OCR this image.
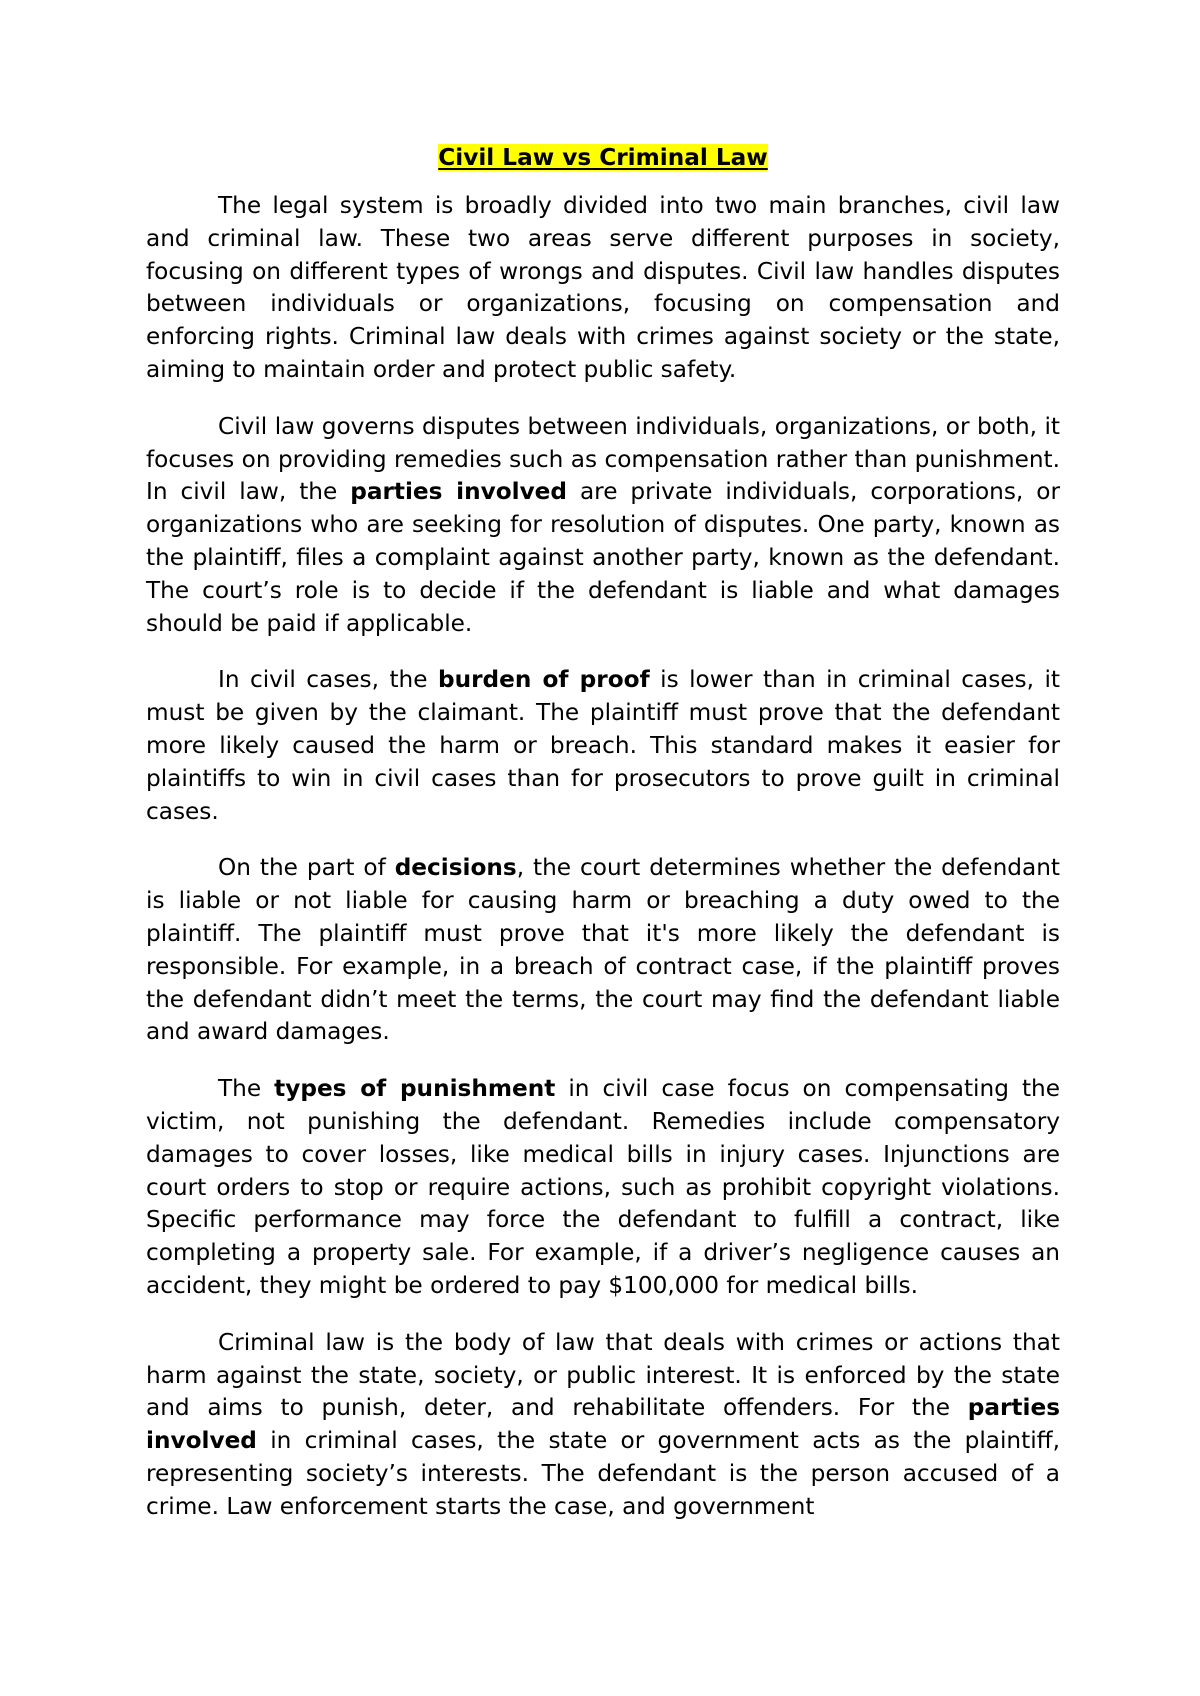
Civil Law vs Criminal Law

The legal system is broadly divided into two main branches, civil law and criminal law. These two areas serve different purposes in society, focusing on different types of wrongs and disputes. Civil law handles disputes between individuals or organizations, focusing on compensation and enforcing rights. Criminal law deals with crimes against society or the state, aiming to maintain order and protect public safety.

Civil law governs disputes between individuals, organizations, or both, it focuses on providing remedies such as compensation rather than punishment. In civil law, the parties involved are private individuals, corporations, or organizations who are seeking for resolution of disputes. One party, known as the plaintiff, files a complaint against another party, known as the defendant. The court’s role is to decide if the defendant is liable and what damages should be paid if applicable.

In civil cases, the burden of proof is lower than in criminal cases, it must be given by the claimant. The plaintiff must prove that the defendant more likely caused the harm or breach. This standard makes it easier for plaintiffs to win in civil cases than for prosecutors to prove guilt in criminal cases.

On the part of decisions, the court determines whether the defendant is liable or not liable for causing harm or breaching a duty owed to the plaintiff. The plaintiff must prove that it's more likely the defendant is responsible. For example, in a breach of contract case, if the plaintiff proves the defendant didn’t meet the terms, the court may find the defendant liable and award damages.

The types of punishment in civil case focus on compensating the victim, not punishing the defendant. Remedies include compensatory damages to cover losses, like medical bills in injury cases. Injunctions are court orders to stop or require actions, such as prohibit copyright violations. Specific performance may force the defendant to fulfill a contract, like completing a property sale. For example, if a driver’s negligence causes an accident, they might be ordered to pay $100,000 for medical bills.

Criminal law is the body of law that deals with crimes or actions that harm against the state, society, or public interest. It is enforced by the state and aims to punish, deter, and rehabilitate offenders. For the parties involved in criminal cases, the state or government acts as the plaintiff, representing society’s interests. The defendant is the person accused of a crime. Law enforcement starts the case, and government
